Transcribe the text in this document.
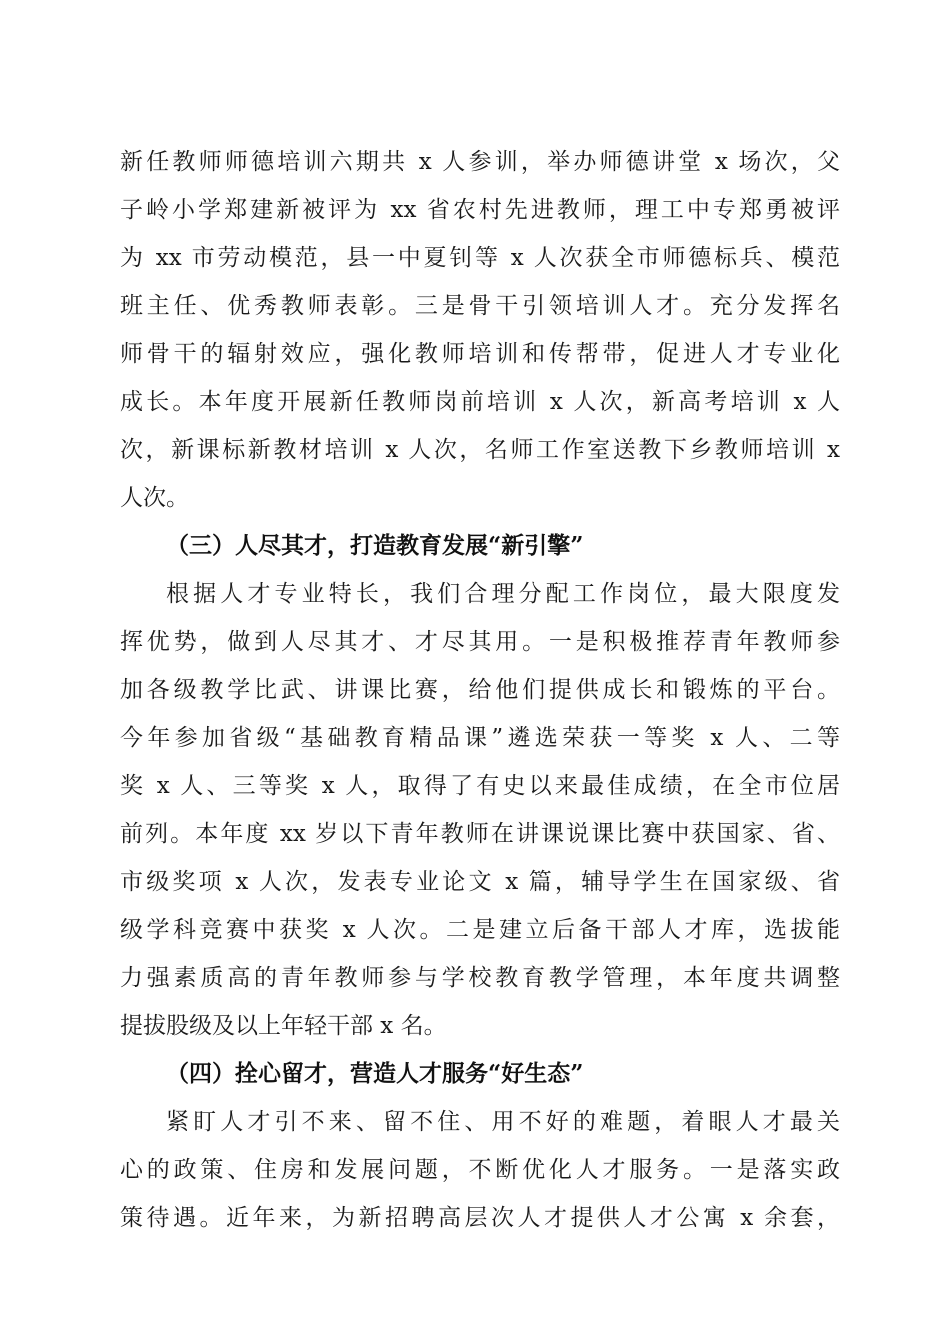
新任教师师德培训六期共 x 人参训，举办师德讲堂 x 场次，父
子岭小学郑建新被评为 xx 省农村先进教师，理工中专郑勇被评
为 xx 市劳动模范，县一中夏钊等 x 人次获全市师德标兵、模范
班主任、优秀教师表彰。三是骨干引领培训人才。充分发挥名
师骨干的辐射效应，强化教师培训和传帮带，促进人才专业化
成长。本年度开展新任教师岗前培训 x 人次，新高考培训 x 人
次，新课标新教材培训 x 人次，名师工作室送教下乡教师培训 x
人次。
（三）人尽其才，打造教育发展“新引擎”
根据人才专业特长，我们合理分配工作岗位，最大限度发
挥优势，做到人尽其才、才尽其用。一是积极推荐青年教师参
加各级教学比武、讲课比赛，给他们提供成长和锻炼的平台。
今年参加省级“基础教育精品课”遴选荣获一等奖 x 人、二等
奖 x 人、三等奖 x 人，取得了有史以来最佳成绩，在全市位居
前列。本年度 xx 岁以下青年教师在讲课说课比赛中获国家、省、
市级奖项 x 人次，发表专业论文 x 篇，辅导学生在国家级、省
级学科竞赛中获奖 x 人次。二是建立后备干部人才库，选拔能
力强素质高的青年教师参与学校教育教学管理，本年度共调整
提拔股级及以上年轻干部 x 名。
（四）拴心留才，营造人才服务“好生态”
紧盯人才引不来、留不住、用不好的难题，着眼人才最关
心的政策、住房和发展问题，不断优化人才服务。一是落实政
策待遇。近年来，为新招聘高层次人才提供人才公寓 x 余套，
